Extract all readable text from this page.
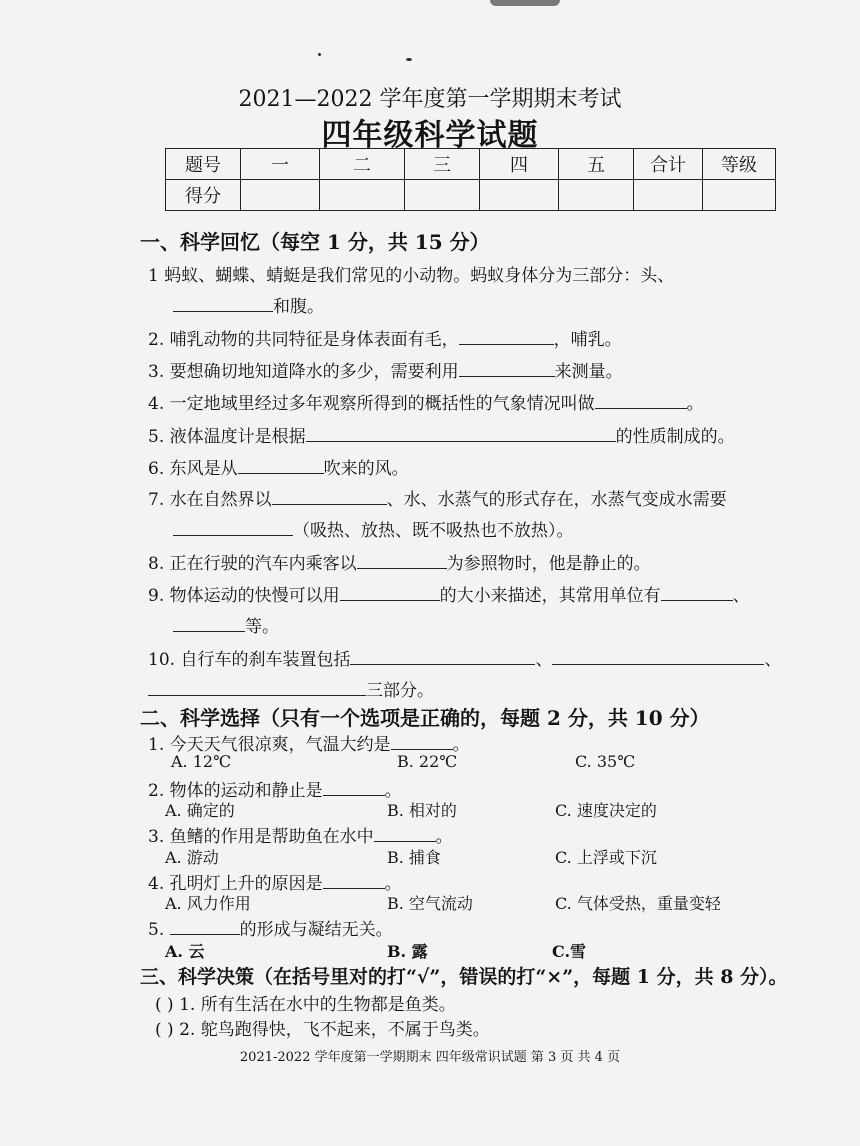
2021—2022 学年度第一学期期末考试
四年级科学试题
题号	一	二	三	四	五	合计	等级
得分							
一、科学回忆（每空 1 分，共 15 分）
1 蚂蚁、蝴蝶、蜻蜓是我们常见的小动物。蚂蚁身体分为三部分：头、
和腹。
2. 哺乳动物的共同特征是身体表面有毛，	，哺乳。
3. 要想确切地知道降水的多少，需要利用	来测量。
4. 一定地域里经过多年观察所得到的概括性的气象情况叫做	。
5. 液体温度计是根据	的性质制成的。
6. 东风是从	吹来的风。
7. 水在自然界以	、水、水蒸气的形式存在，水蒸气变成水需要
（吸热、放热、既不吸热也不放热）。
8. 正在行驶的汽车内乘客以	为参照物时，他是静止的。
9. 物体运动的快慢可以用	的大小来描述，其常用单位有	、
等。
10. 自行车的刹车装置包括	、	、
三部分。
二、科学选择（只有一个选项是正确的，每题 2 分，共 10 分）
1. 今天天气很凉爽，气温大约是	。
A. 12℃	B. 22℃	C. 35℃
2. 物体的运动和静止是	。
A. 确定的	B. 相对的	C. 速度决定的
3. 鱼鳍的作用是帮助鱼在水中	。
A. 游动	B. 捕食	C. 上浮或下沉
4. 孔明灯上升的原因是	。
A. 风力作用	B. 空气流动	C. 气体受热，重量变轻
5.	的形成与凝结无关。
A. 云	B. 露	C.雪
三、科学决策（在括号里对的打“√”，错误的打“×”，每题 1 分，共 8 分）。
( ) 1. 所有生活在水中的生物都是鱼类。
( ) 2. 鸵鸟跑得快，飞不起来，不属于鸟类。
2021-2022 学年度第一学期期末 四年级常识试题 第 3 页 共 4 页
